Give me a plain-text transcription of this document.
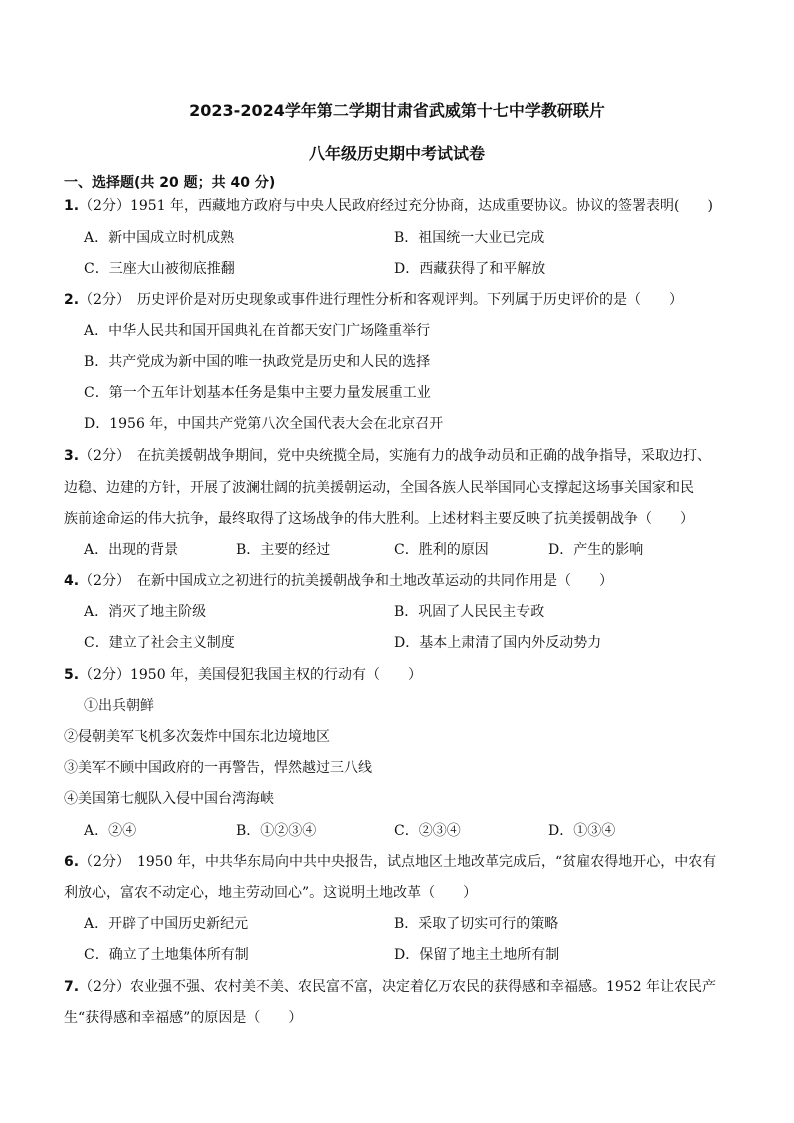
2023-2024学年第二学期甘肃省武威第十七中学教研联片
八年级历史期中考试试卷
一、选择题(共 20 题；共 40 分)
1.（2分）1951 年，西藏地方政府与中央人民政府经过充分协商，达成重要协议。协议的签署表明(　　)
A．新中国成立时机成熟	B．祖国统一大业已完成
C．三座大山被彻底推翻	D．西藏获得了和平解放
2.（2分）　历史评价是对历史现象或事件进行理性分析和客观评判。下列属于历史评价的是（　　）
A．中华人民共和国开国典礼在首都天安门广场隆重举行
B．共产党成为新中国的唯一执政党是历史和人民的选择
C．第一个五年计划基本任务是集中主要力量发展重工业
D．1956 年，中国共产党第八次全国代表大会在北京召开
3.（2分）　在抗美援朝战争期间，党中央统揽全局，实施有力的战争动员和正确的战争指导，采取边打、
边稳、边建的方针，开展了波澜壮阔的抗美援朝运动，全国各族人民举国同心支撑起这场事关国家和民
族前途命运的伟大抗争，最终取得了这场战争的伟大胜利。上述材料主要反映了抗美援朝战争（　　）
A．出现的背景	B．主要的经过	C．胜利的原因	D．产生的影响
4.（2分）　在新中国成立之初进行的抗美援朝战争和土地改革运动的共同作用是（　　）
A．消灭了地主阶级	B．巩固了人民民主专政
C．建立了社会主义制度	D．基本上肃清了国内外反动势力
5.（2分）1950 年，美国侵犯我国主权的行动有（　　）
①出兵朝鲜
②侵朝美军飞机多次轰炸中国东北边境地区
③美军不顾中国政府的一再警告，悍然越过三八线
④美国第七舰队入侵中国台湾海峡
A．②④	B．①②③④	C．②③④	D．①③④
6.（2分）　1950 年，中共华东局向中共中央报告，试点地区土地改革完成后，“贫雇农得地开心，中农有
利放心，富农不动定心，地主劳动回心”。这说明土地改革（　　）
A．开辟了中国历史新纪元	B．采取了切实可行的策略
C．确立了土地集体所有制	D．保留了地主土地所有制
7.（2分）农业强不强、农村美不美、农民富不富，决定着亿万农民的获得感和幸福感。1952 年让农民产
生“获得感和幸福感”的原因是（　　）
